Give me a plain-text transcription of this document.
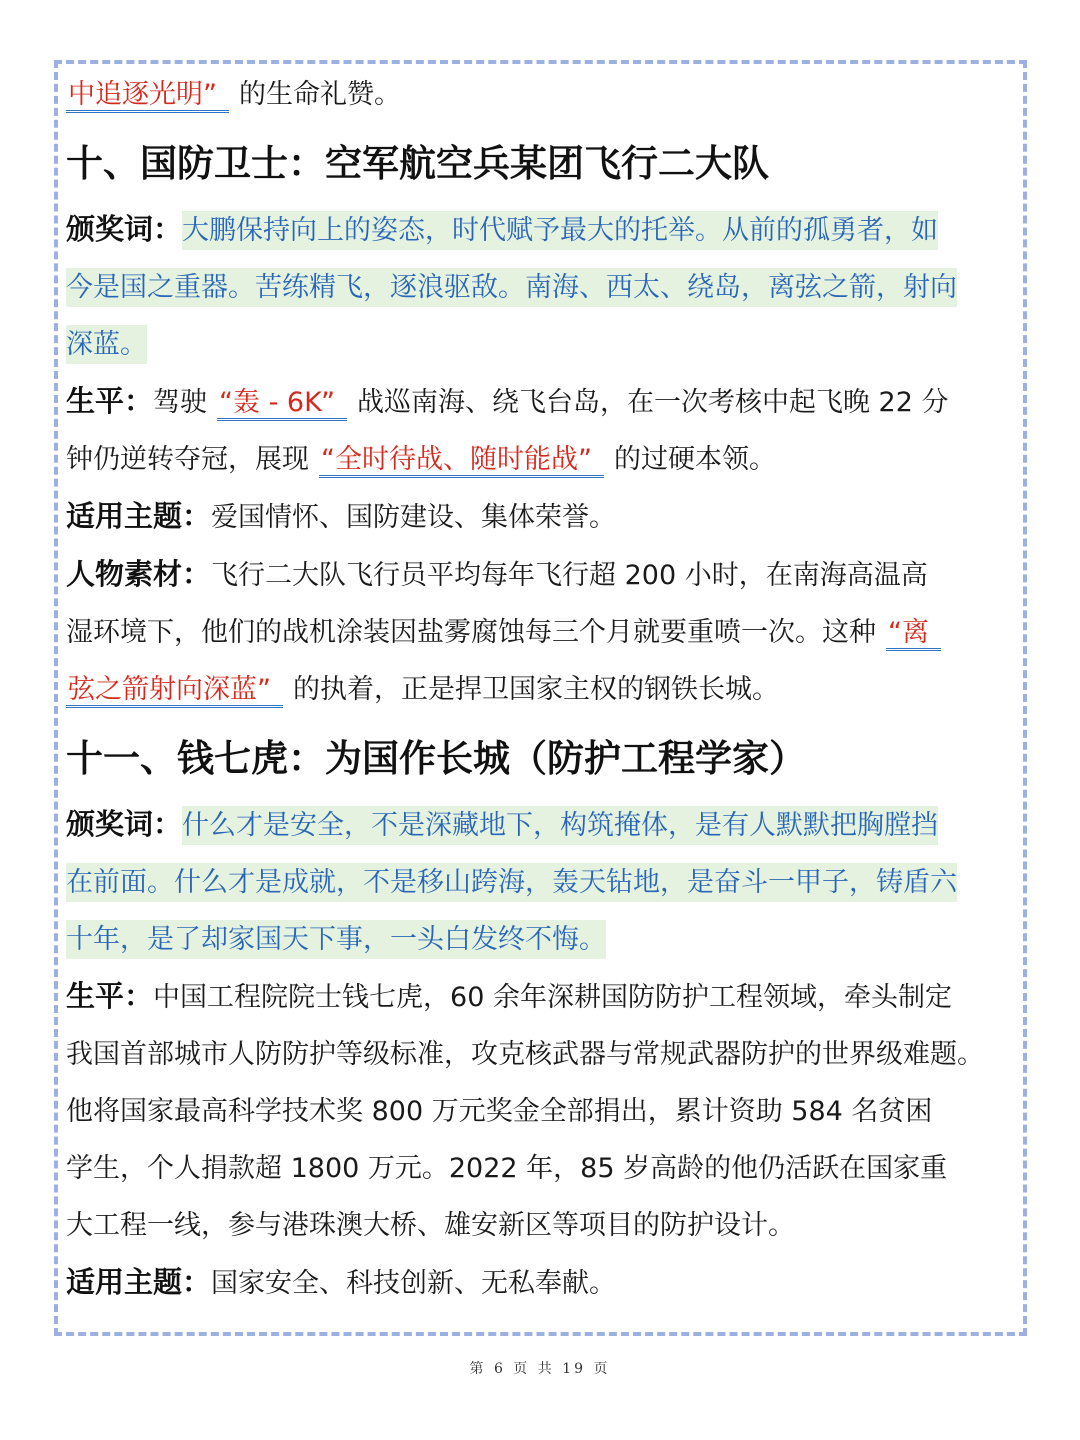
中追逐光明” 的生命礼赞。
十、国防卫士：空军航空兵某团飞行二大队
颁奖词：大鹏保持向上的姿态，时代赋予最大的托举。从前的孤勇者，如
今是国之重器。苦练精飞，逐浪驱敌。南海、西太、绕岛，离弦之箭，射向
深蓝。
生平：驾驶 “轰 - 6K” 战巡南海、绕飞台岛，在一次考核中起飞晚 22 分
钟仍逆转夺冠，展现 “全时待战、随时能战” 的过硬本领。
适用主题：爱国情怀、国防建设、集体荣誉。
人物素材：飞行二大队飞行员平均每年飞行超 200 小时，在南海高温高
湿环境下，他们的战机涂装因盐雾腐蚀每三个月就要重喷一次。这种 “离
弦之箭射向深蓝” 的执着，正是捍卫国家主权的钢铁长城。
十一、钱七虎：为国作长城（防护工程学家）
颁奖词：什么才是安全，不是深藏地下，构筑掩体，是有人默默把胸膛挡
在前面。什么才是成就，不是移山跨海，轰天钻地，是奋斗一甲子，铸盾六
十年，是了却家国天下事，一头白发终不悔。
生平：中国工程院院士钱七虎，60 余年深耕国防防护工程领域，牵头制定
我国首部城市人防防护等级标准，攻克核武器与常规武器防护的世界级难题。
他将国家最高科学技术奖 800 万元奖金全部捐出，累计资助 584 名贫困
学生，个人捐款超 1800 万元。2022 年，85 岁高龄的他仍活跃在国家重
大工程一线，参与港珠澳大桥、雄安新区等项目的防护设计。
适用主题：国家安全、科技创新、无私奉献。
第 6 页 共 19 页
